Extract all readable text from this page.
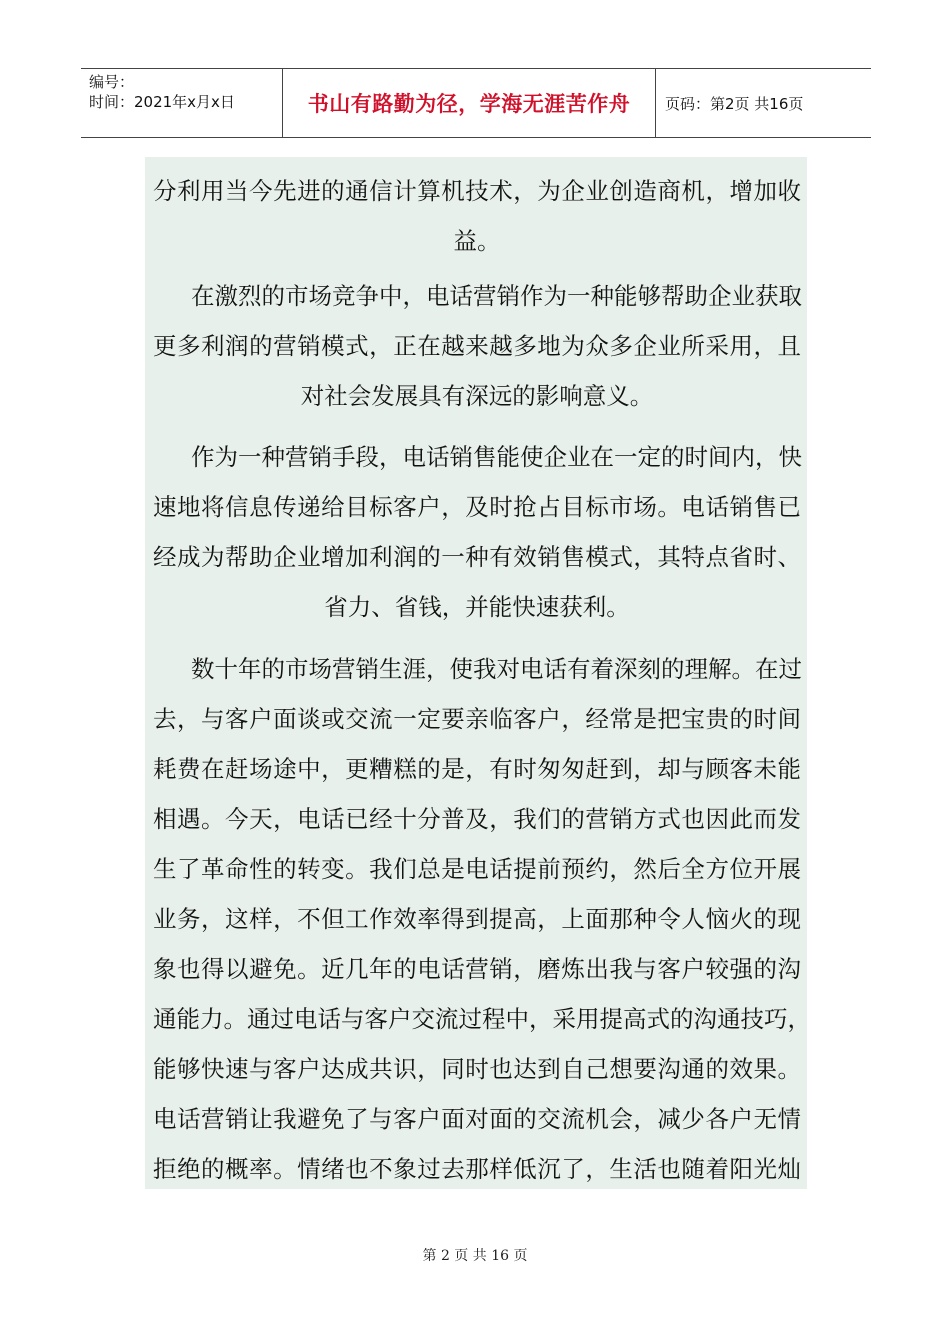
编号：
时间：2021年x月x日	书山有路勤为径，学海无涯苦作舟	页码：第2页 共16页
分利用当今先进的通信计算机技术，为企业创造商机，增加收
益。
在激烈的市场竞争中，电话营销作为一种能够帮助企业获取
更多利润的营销模式，正在越来越多地为众多企业所采用，且
对社会发展具有深远的影响意义。
作为一种营销手段，电话销售能使企业在一定的时间内，快
速地将信息传递给目标客户，及时抢占目标市场。电话销售已
经成为帮助企业增加利润的一种有效销售模式，其特点省时、
省力、省钱，并能快速获利。
数十年的市场营销生涯，使我对电话有着深刻的理解。在过
去，与客户面谈或交流一定要亲临客户，经常是把宝贵的时间
耗费在赶场途中，更糟糕的是，有时匆匆赶到，却与顾客未能
相遇。今天，电话已经十分普及，我们的营销方式也因此而发
生了革命性的转变。我们总是电话提前预约，然后全方位开展
业务，这样，不但工作效率得到提高，上面那种令人恼火的现
象也得以避免。近几年的电话营销，磨炼出我与客户较强的沟
通能力。通过电话与客户交流过程中，采用提高式的沟通技巧，
能够快速与客户达成共识，同时也达到自己想要沟通的效果。
电话营销让我避免了与客户面对面的交流机会，减少各户无情
拒绝的概率。情绪也不象过去那样低沉了，生活也随着阳光灿
第 2 页 共 16 页
